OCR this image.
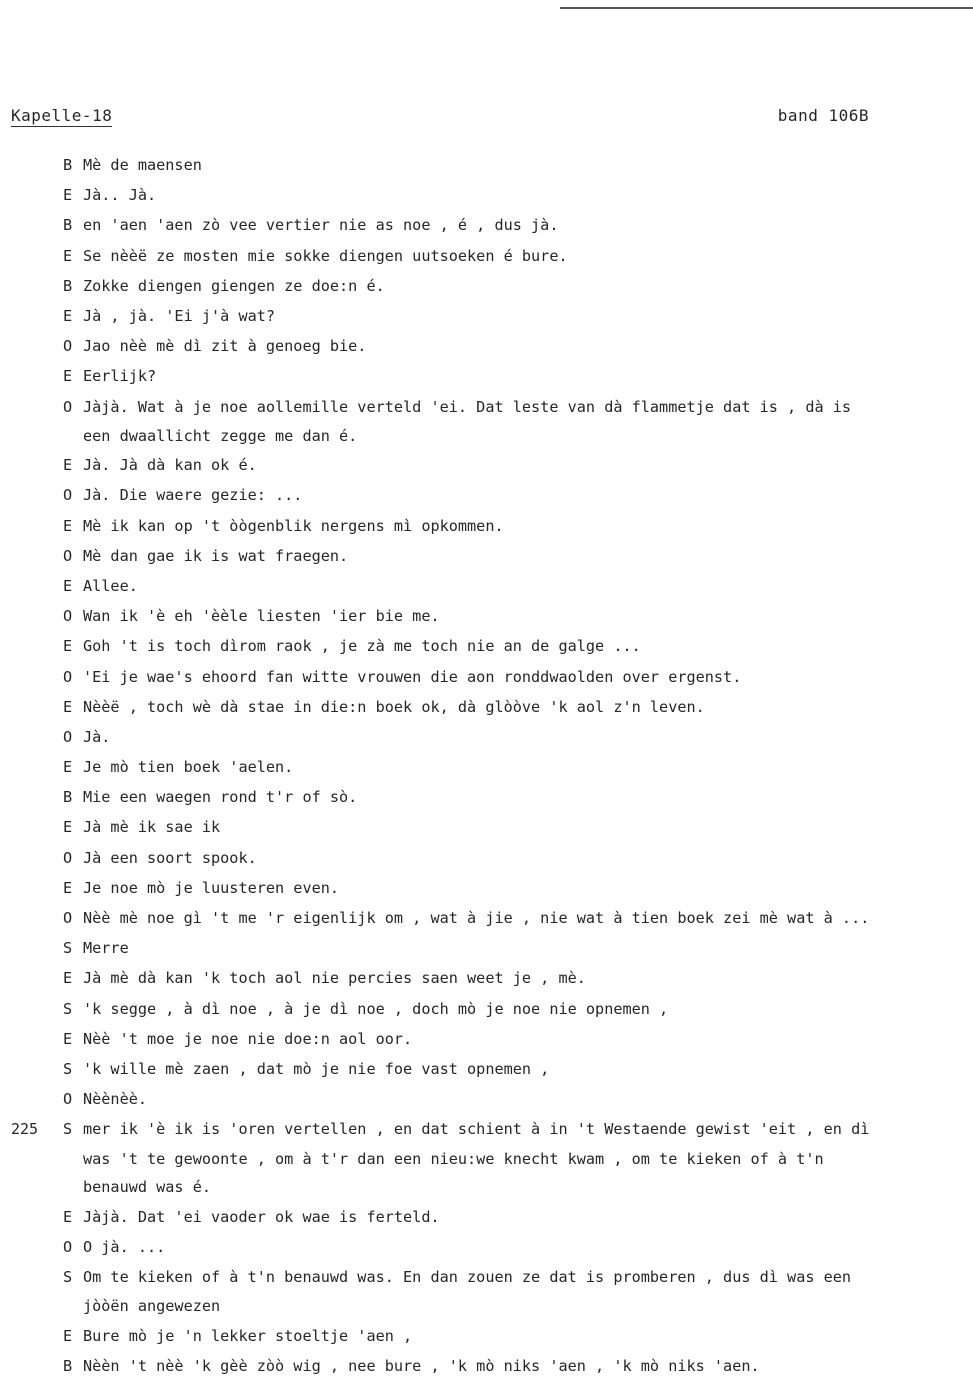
Kapelle-18	band 106B
B Mè de maensen
E Jà.. Jà.
B en 'aen 'aen zò vee vertier nie as noe , é , dus jà.
E Se nèèë ze mosten mie sokke diengen uutsoeken é bure.
B Zokke diengen giengen ze doe:n é.
E Jà , jà. 'Ei j'à wat?
O Jao nèè mè dì zit à genoeg bie.
E Eerlijk?
O Jàjà. Wat à je noe aollemille verteld 'ei. Dat leste van dà flammetje dat is , dà is
een dwaallicht zegge me dan é.
E Jà. Jà dà kan ok é.
O Jà. Die waere gezie: ...
E Mè ik kan op 't òògenblik nergens mì opkommen.
O Mè dan gae ik is wat fraegen.
E Allee.
O Wan ik 'è eh 'èèle liesten 'ier bie me.
E Goh 't is toch dìrom raok , je zà me toch nie an de galge ...
O 'Ei je wae's ehoord fan witte vrouwen die aon ronddwaolden over ergenst.
E Nèèë , toch wè dà stae in die:n boek ok, dà glòòve 'k aol z'n leven.
O Jà.
E Je mò tien boek 'aelen.
B Mie een waegen rond t'r of sò.
E Jà mè ik sae ik
O Jà een soort spook.
E Je noe mò je luusteren even.
O Nèè mè noe gì 't me 'r eigenlijk om , wat à jie , nie wat à tien boek zei mè wat à ...
S Merre
E Jà mè dà kan 'k toch aol nie percies saen weet je , mè.
S 'k segge , à dì noe , à je dì noe , doch mò je noe nie opnemen ,
E Nèè 't moe je noe nie doe:n aol oor.
S 'k wille mè zaen , dat mò je nie foe vast opnemen ,
O Nèènèè.
225 S mer ik 'è ik is 'oren vertellen , en dat schient à in 't Westaende gewist 'eit , en dì
was 't te gewoonte , om à t'r dan een nieu:we knecht kwam , om te kieken of à t'n
benauwd was é.
E Jàjà. Dat 'ei vaoder ok wae is ferteld.
O O jà. ...
S Om te kieken of à t'n benauwd was. En dan zouen ze dat is promberen , dus dì was een
jòòën angewezen
E Bure mò je 'n lekker stoeltje 'aen ,
B Nèèn 't nèè 'k gèè zòò wig , nee bure , 'k mò niks 'aen , 'k mò niks 'aen.
